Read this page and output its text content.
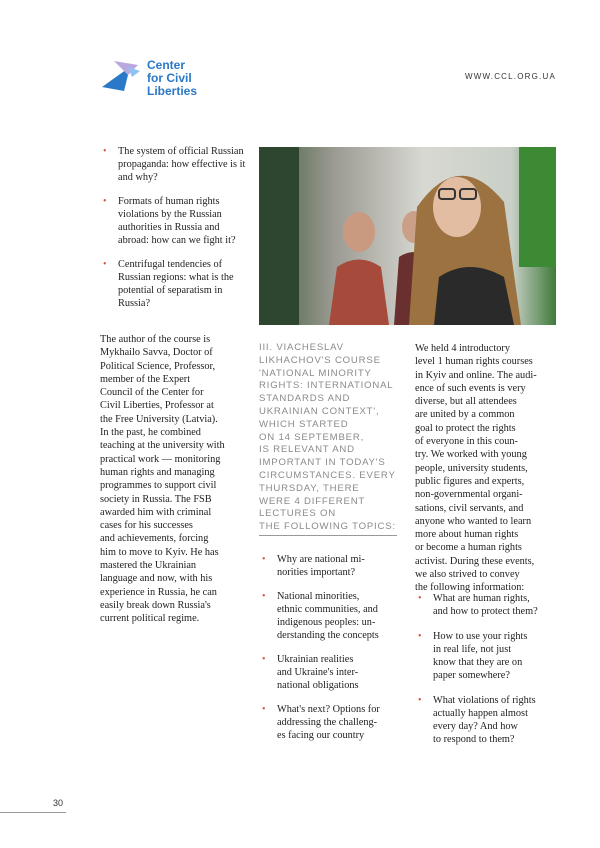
Center
for Civil
Liberties
WWW.CCL.ORG.UA
• The system of official Russian propaganda: how effective is it and why?
• Formats of human rights violations by the Russian authorities in Russia and abroad: how can we fight it?
• Centrifugal tendencies of Russian regions: what is the potential of separatism in Russia?

The author of the course is
Mykhailo Savva, Doctor of
Political Science, Professor,
member of the Expert
Council of the Center for
Civil Liberties, Professor at
the Free University (Latvia).
In the past, he combined
teaching at the university with
practical work — monitoring
human rights and managing
programmes to support civil
society in Russia. The FSB
awarded him with criminal
cases for his successes
and achievements, forcing
him to move to Kyiv. He has
mastered the Ukrainian
language and now, with his
experience in Russia, he can
easily break down Russia's
current political regime.

III. VIACHESLAV
LIKHACHOV'S COURSE
'NATIONAL MINORITY
RIGHTS: INTERNATIONAL
STANDARDS AND
UKRAINIAN CONTEXT',
WHICH STARTED
ON 14 SEPTEMBER,
IS RELEVANT AND
IMPORTANT IN TODAY'S
CIRCUMSTANCES. EVERY
THURSDAY, THERE
WERE 4 DIFFERENT
LECTURES ON
THE FOLLOWING TOPICS:

We held 4 introductory
level 1 human rights courses
in Kyiv and online. The audi-
ence of such events is very
diverse, but all attendees
are united by a common
goal to protect the rights
of everyone in this coun-
try. We worked with young
people, university students,
public figures and experts,
non-governmental organi-
sations, civil servants, and
anyone who wanted to learn
more about human rights
or become a human rights
activist. During these events,
we also strived to convey
the following information:

• Why are national mi-
norities important?
• National minorities,
ethnic communities, and
indigenous peoples: un-
derstanding the concepts
• Ukrainian realities
and Ukraine's inter-
national obligations
• What's next? Options for
addressing the challeng-
es facing our country
• What are human rights,
and how to protect them?
• How to use your rights
in real life, not just
know that they are on
paper somewhere?
• What violations of rights
actually happen almost
every day? And how
to respond to them?
30
